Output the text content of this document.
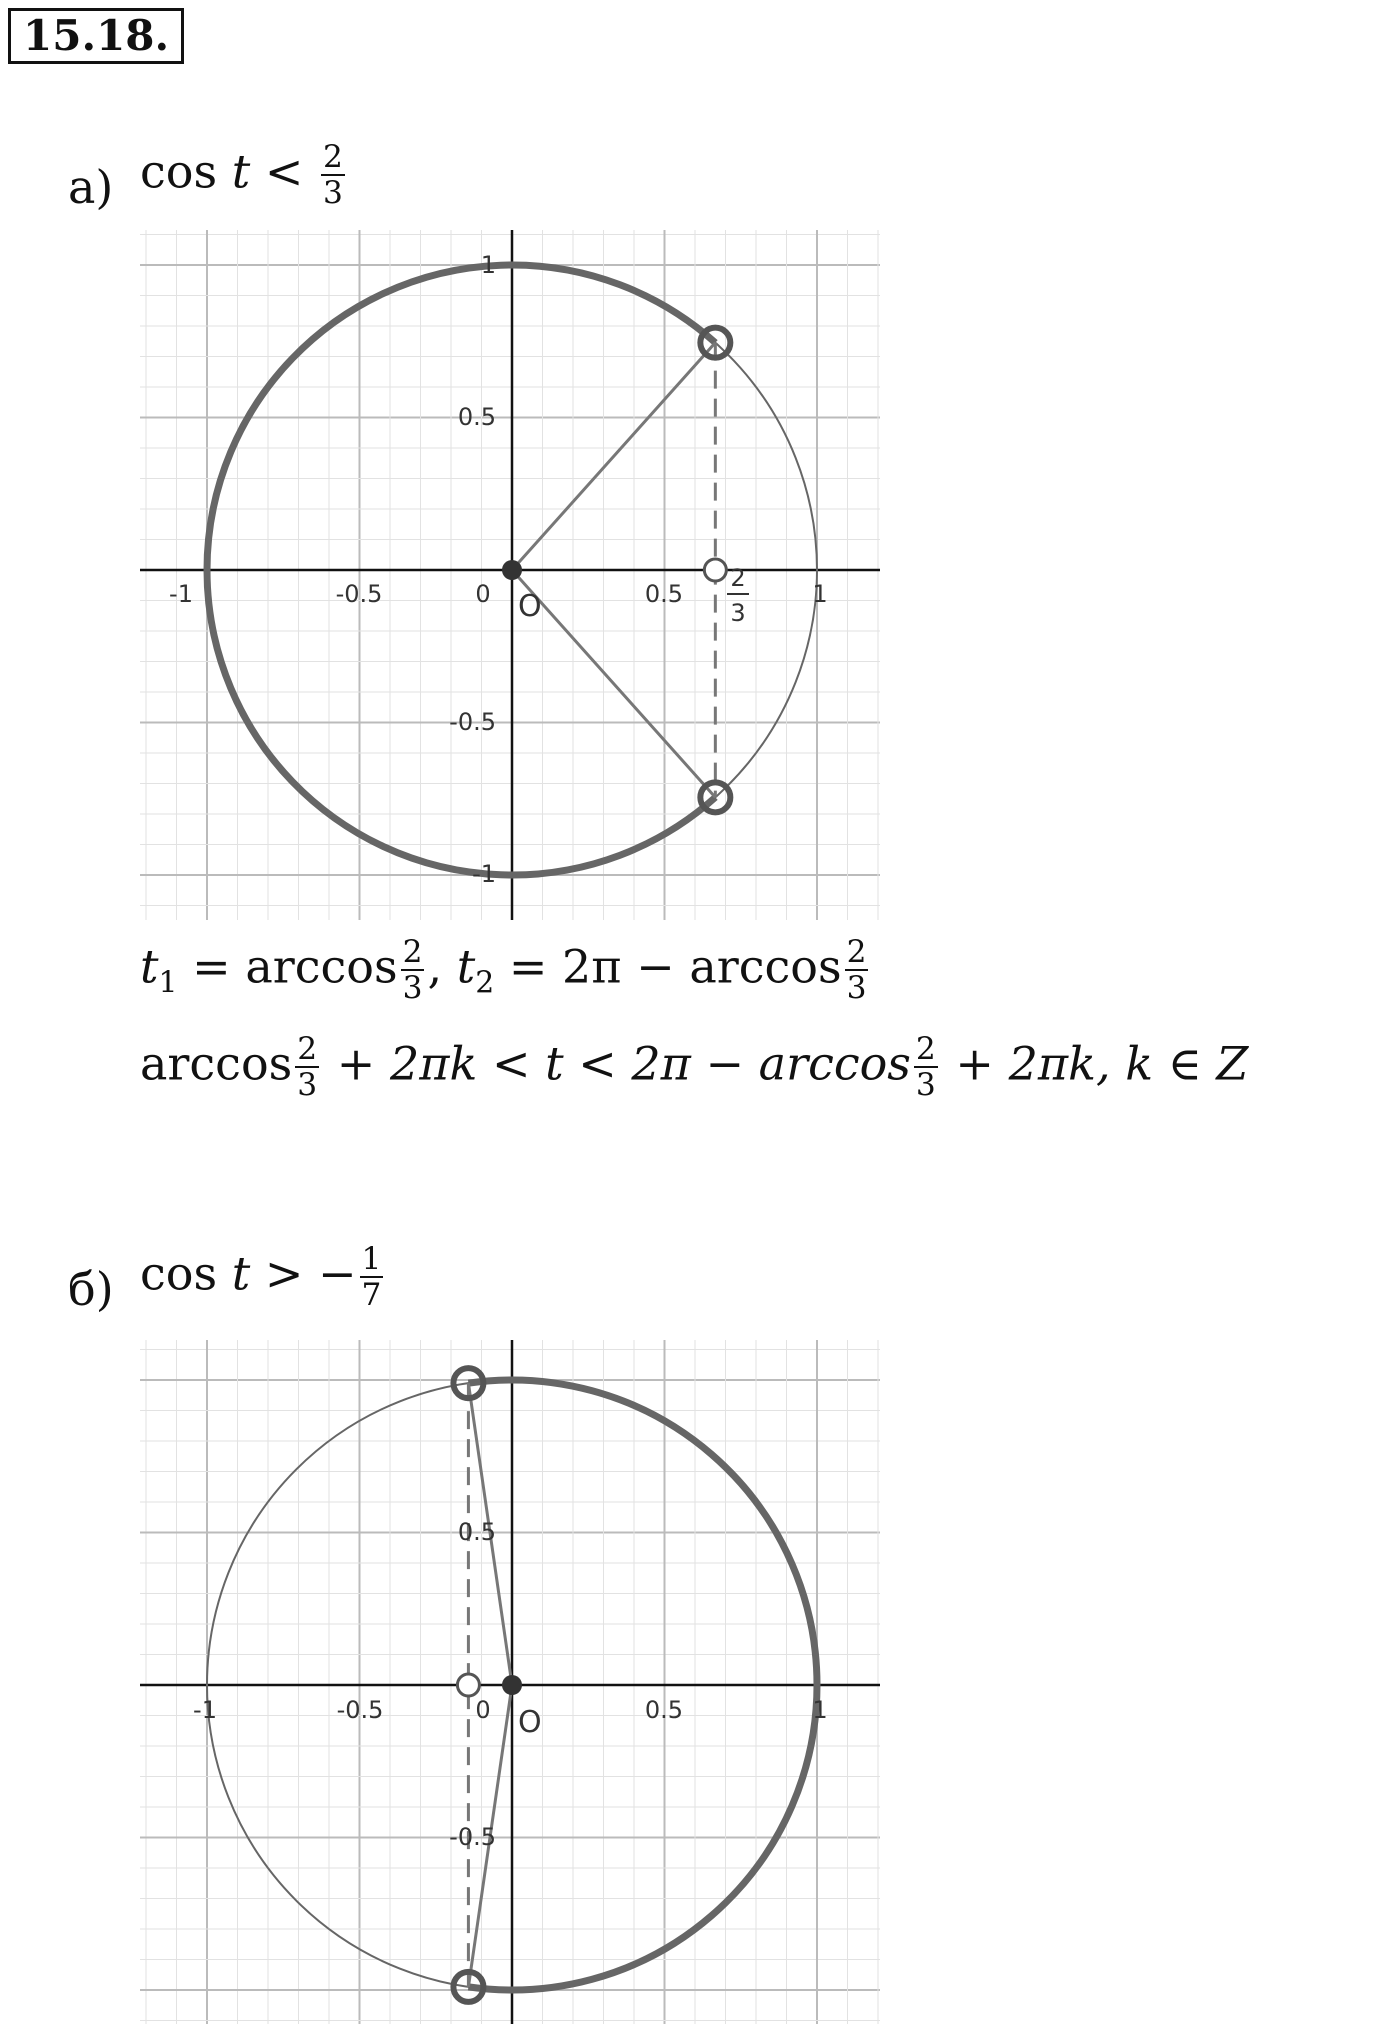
15.18.
а) $\cos t < \frac{2}{3}$
O
-1	-0.5	0	0.5	1
1
0.5
-0.5
-1
2
3
$t_1 = \arccos \frac{2}{3}$ , $t_2 = 2\pi - \arccos \frac{2}{3}$
$\arccos \frac{2}{3} + 2\pi k < t < 2\pi - \arccos \frac{2}{3} + 2\pi k$, k ∈ Z
б) cos t > − $\frac{1}{7}$
O
-1	-0.5	0	0.5	1
0.5
-0.5
